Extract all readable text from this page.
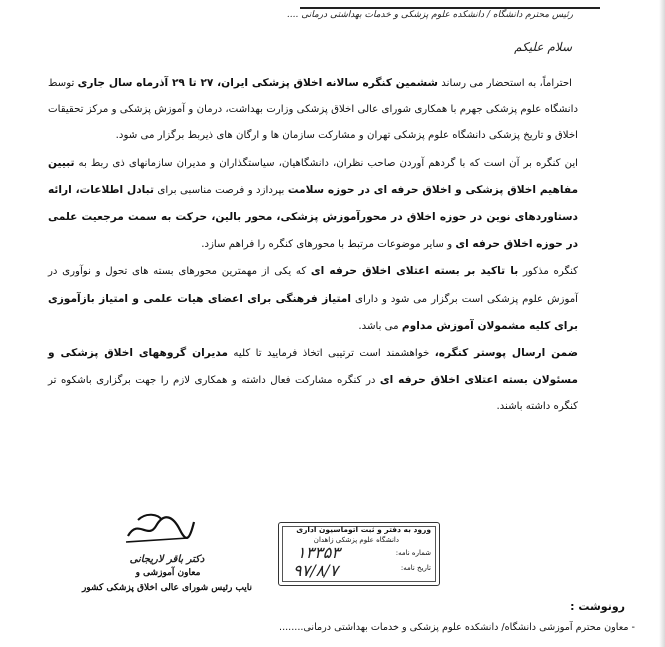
رئیس محترم دانشگاه / دانشکده علوم پزشکی و خدمات بهداشتی درمانی ....
سلام علیکم

احتراماً، به استحضار می رساند ششمین کنگره سالانه اخلاق پزشکی ایران، ۲۷ تا ۲۹ آذرماه سال جاری توسط دانشگاه علوم پزشکی جهرم با همکاری شورای عالی اخلاق پزشکی وزارت بهداشت، درمان و آموزش پزشکی و مرکز تحقیقات اخلاق و تاریخ پزشکی دانشگاه علوم پزشکی تهران و مشارکت سازمان ها و ارگان های ذیربط برگزار می شود.

این کنگره بر آن است که با گردهم آوردن صاحب نظران، دانشگاهیان، سیاستگذاران و مدیران سازمانهای ذی ربط به تبیین مفاهیم اخلاق پزشکی و اخلاق حرفه ای در حوزه سلامت بپردازد و فرصت مناسبی برای تبادل اطلاعات، ارائه دستاوردهای نوین در حوزه اخلاق در محورآموزش پزشکی، محور بالین، حرکت به سمت مرجعیت علمی در حوزه اخلاق حرفه ای و سایر موضوعات مرتبط با محورهای کنگره را فراهم سازد.

کنگره مذکور با تاکید بر بسته اعتلای اخلاق حرفه ای که یکی از مهمترین محورهای بسته های تحول و نوآوری در آموزش علوم پزشکی است برگزار می شود و دارای امتیاز فرهنگی برای اعضای هیات علمی و امتیاز بازآموزی برای کلیه مشمولان آموزش مداوم می باشد.

ضمن ارسال پوستر کنگره، خواهشمند است ترتیبی اتخاذ فرمایید تا کلیه مدیران گروههای اخلاق پزشکی و مسئولان بسته اعتلای اخلاق حرفه ای در کنگره مشارکت فعال داشته و همکاری لازم را جهت برگزاری باشکوه تر کنگره داشته باشند.

دکتر باقر لاریجانی
معاون آموزشی و
نایب رئیس شورای عالی اخلاق پزشکی کشور
ورود به دفتر و ثبت اتوماسیون اداری
دانشگاه علوم پزشکی زاهدان
شماره نامه:
تاریخ نامه:
۱۳۳۵۳
۹۷/۸/۷
رونوشت :
- معاون محترم آموزشی دانشگاه/ دانشکده علوم پزشکی و خدمات بهداشتی درمانی........
